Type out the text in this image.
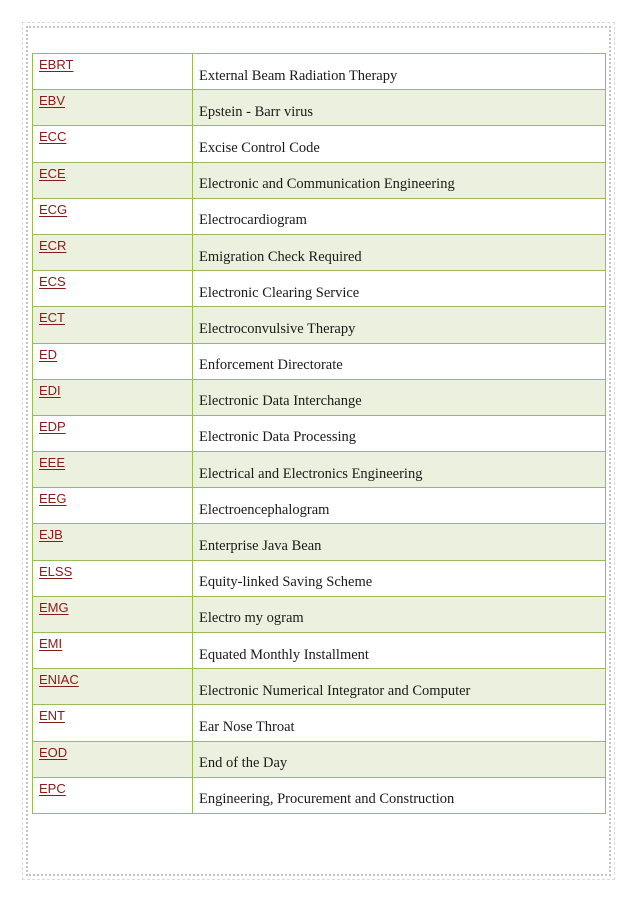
EBRT	External Beam Radiation Therapy

EBV	Epstein - Barr virus

ECC	Excise Control Code

ECE	Electronic and Communication Engineering

ECG	Electrocardiogram

ECR	Emigration Check Required

ECS	Electronic Clearing Service

ECT	Electroconvulsive Therapy

ED	Enforcement Directorate

EDI	Electronic Data Interchange

EDP	Electronic Data Processing

EEE	Electrical and Electronics Engineering

EEG	Electroencephalogram

EJB	Enterprise Java Bean

ELSS	Equity-linked Saving Scheme

EMG	Electro my ogram

EMI	Equated Monthly Installment

ENIAC	Electronic Numerical Integrator and Computer

ENT	Ear Nose Throat

EOD	End of the Day

EPC	Engineering, Procurement and Construction
